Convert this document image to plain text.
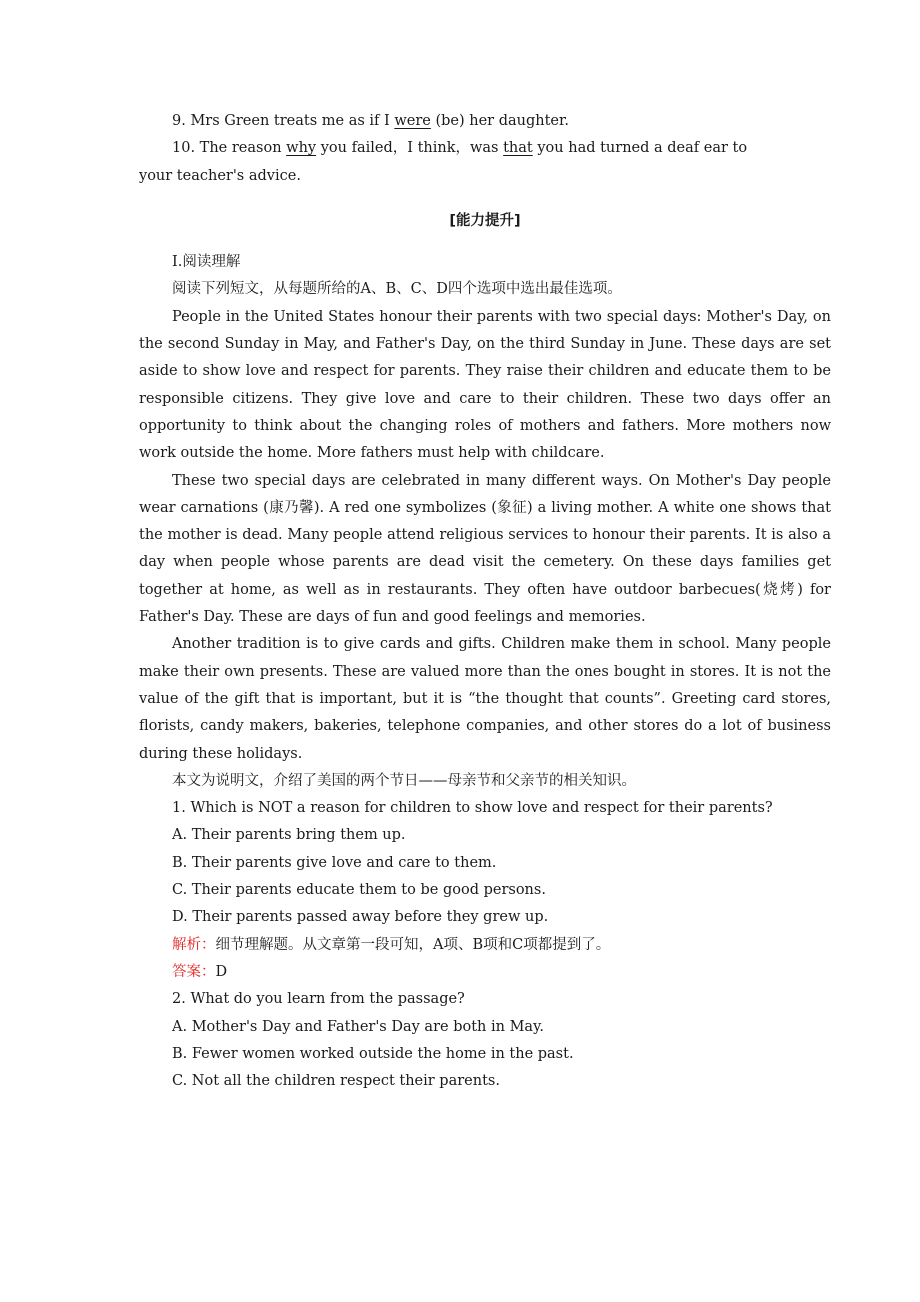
9. Mrs Green treats me as if I were (be) her daughter.
10. The reason why you failed，I think，was that you had turned a deaf ear to
your teacher's advice.
[能力提升]
Ⅰ.阅读理解
阅读下列短文，从每题所给的A、B、C、D四个选项中选出最佳选项。
People in the United States honour their parents with two special days: Mother's Day, on the second Sunday in May, and Father's Day, on the third Sunday in June. These days are set aside to show love and respect for parents. They raise their children and educate them to be responsible citizens. They give love and care to their children. These two days offer an opportunity to think about the changing roles of mothers and fathers. More mothers now work outside the home. More fathers must help with childcare.
These two special days are celebrated in many different ways. On Mother's Day people wear carnations (康乃馨). A red one symbolizes (象征) a living mother. A white one shows that the mother is dead. Many people attend religious services to honour their parents. It is also a day when people whose parents are dead visit the cemetery. On these days families get together at home, as well as in restaurants. They often have outdoor barbecues(烧烤) for Father's Day. These are days of fun and good feelings and memories.
Another tradition is to give cards and gifts. Children make them in school. Many people make their own presents. These are valued more than the ones bought in stores. It is not the value of the gift that is important, but it is “the thought that counts”. Greeting card stores, florists, candy makers, bakeries, telephone companies, and other stores do a lot of business during these holidays.
本文为说明文，介绍了美国的两个节日——母亲节和父亲节的相关知识。
1. Which is NOT a reason for children to show love and respect for their parents?
A. Their parents bring them up.
B. Their parents give love and care to them.
C. Their parents educate them to be good persons.
D. Their parents passed away before they grew up.
解析：细节理解题。从文章第一段可知，A项、B项和C项都提到了。
答案：D
2. What do you learn from the passage?
A. Mother's Day and Father's Day are both in May.
B. Fewer women worked outside the home in the past.
C. Not all the children respect their parents.
